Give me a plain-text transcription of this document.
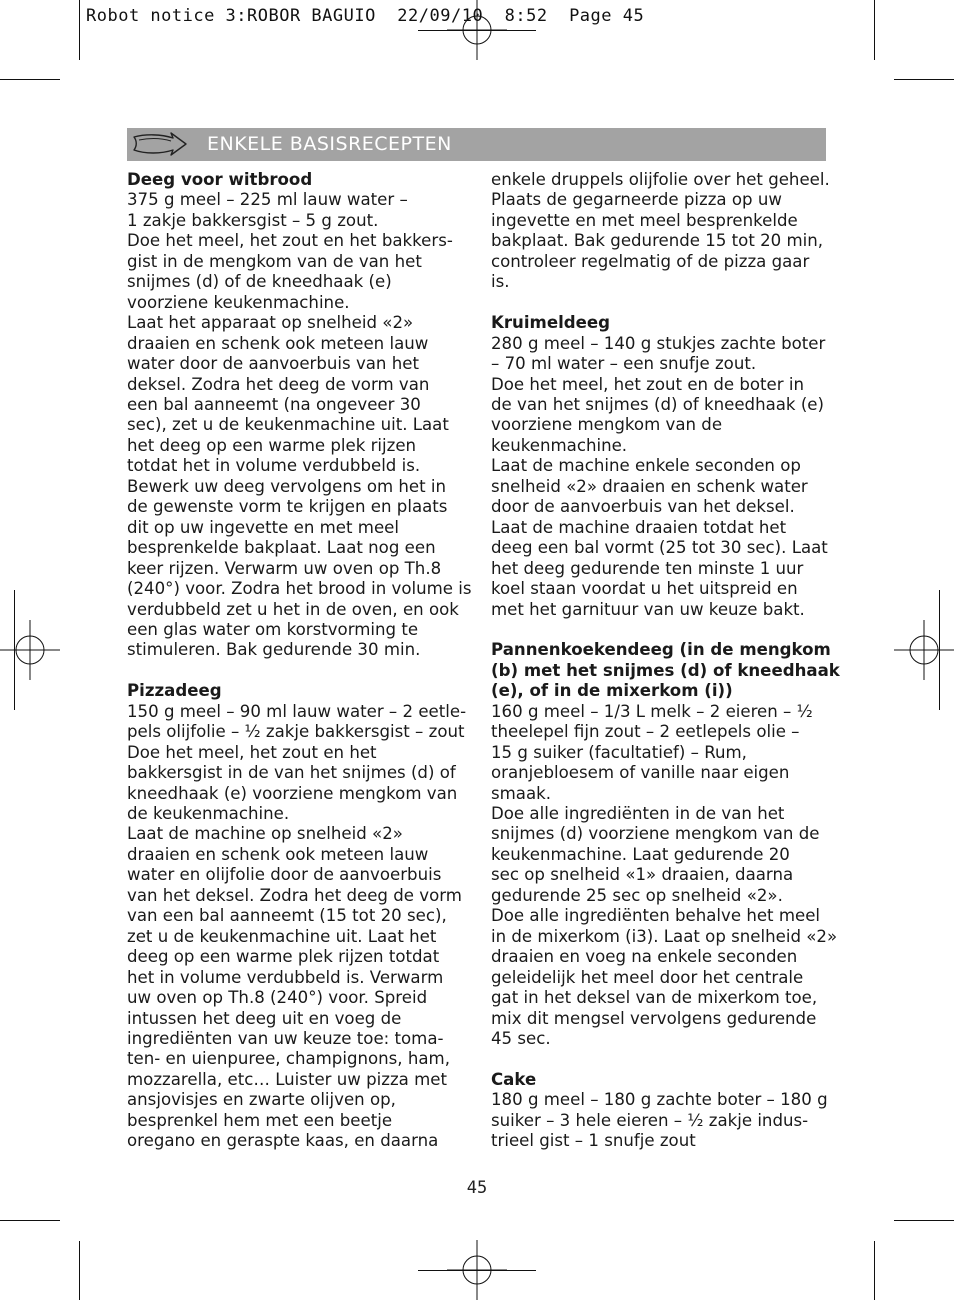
Robot notice 3:ROBOR BAGUIO  22/09/10  8:52  Page 45
ENKELE BASISRECEPTEN

Deeg voor witbrood

375 g meel – 225 ml lauw water –

1 zakje bakkersgist – 5 g zout.

Doe het meel, het zout en het bakkers-

gist in de mengkom van de van het

snijmes (d) of de kneedhaak (e)

voorziene keukenmachine.

Laat het apparaat op snelheid «2»

draaien en schenk ook meteen lauw

water door de aanvoerbuis van het

deksel. Zodra het deeg de vorm van

een bal aanneemt (na ongeveer 30

sec), zet u de keukenmachine uit. Laat

het deeg op een warme plek rijzen

totdat het in volume verdubbeld is.

Bewerk uw deeg vervolgens om het in

de gewenste vorm te krijgen en plaats

dit op uw ingevette en met meel

besprenkelde bakplaat. Laat nog een

keer rijzen. Verwarm uw oven op Th.8

(240°) voor. Zodra het brood in volume is

verdubbeld zet u het in de oven, en ook

een glas water om korstvorming te

stimuleren. Bak gedurende 30 min.

Pizzadeeg

150 g meel – 90 ml lauw water – 2 eetle-

pels olijfolie – ½ zakje bakkersgist – zout

Doe het meel, het zout en het

bakkersgist in de van het snijmes (d) of

kneedhaak (e) voorziene mengkom van

de keukenmachine.

Laat de machine op snelheid «2»

draaien en schenk ook meteen lauw

water en olijfolie door de aanvoerbuis

van het deksel. Zodra het deeg de vorm

van een bal aanneemt (15 tot 20 sec),

zet u de keukenmachine uit. Laat het

deeg op een warme plek rijzen totdat

het in volume verdubbeld is. Verwarm

uw oven op Th.8 (240°) voor. Spreid

intussen het deeg uit en voeg de

ingrediënten van uw keuze toe: toma-

ten- en uienpuree, champignons, ham,

mozzarella, etc… Luister uw pizza met

ansjovisjes en zwarte olijven op,

besprenkel hem met een beetje

oregano en geraspte kaas, en daarna

enkele druppels olijfolie over het geheel.

Plaats de gegarneerde pizza op uw

ingevette en met meel besprenkelde

bakplaat. Bak gedurende 15 tot 20 min,

controleer regelmatig of de pizza gaar

is.

Kruimeldeeg

280 g meel – 140 g stukjes zachte boter

– 70 ml water – een snufje zout.

Doe het meel, het zout en de boter in

de van het snijmes (d) of kneedhaak (e)

voorziene mengkom van de

keukenmachine.

Laat de machine enkele seconden op

snelheid «2» draaien en schenk water

door de aanvoerbuis van het deksel.

Laat de machine draaien totdat het

deeg een bal vormt (25 tot 30 sec). Laat

het deeg gedurende ten minste 1 uur

koel staan voordat u het uitspreid en

met het garnituur van uw keuze bakt.

Pannenkoekendeeg (in de mengkom

(b) met het snijmes (d) of kneedhaak

(e), of in de mixerkom (i))

160 g meel – 1/3 L melk – 2 eieren – ½

theelepel fijn zout – 2 eetlepels olie –

15 g suiker (facultatief) – Rum,

oranjebloesem of vanille naar eigen

smaak.

Doe alle ingrediënten in de van het

snijmes (d) voorziene mengkom van de

keukenmachine. Laat gedurende 20

sec op snelheid «1» draaien, daarna

gedurende 25 sec op snelheid «2».

Doe alle ingrediënten behalve het meel

in de mixerkom (i3). Laat op snelheid «2»

draaien en voeg na enkele seconden

geleidelijk het meel door het centrale

gat in het deksel van de mixerkom toe,

mix dit mengsel vervolgens gedurende

45 sec.

Cake

180 g meel – 180 g zachte boter – 180 g

suiker – 3 hele eieren – ½ zakje indus-

trieel gist – 1 snufje zout

45
